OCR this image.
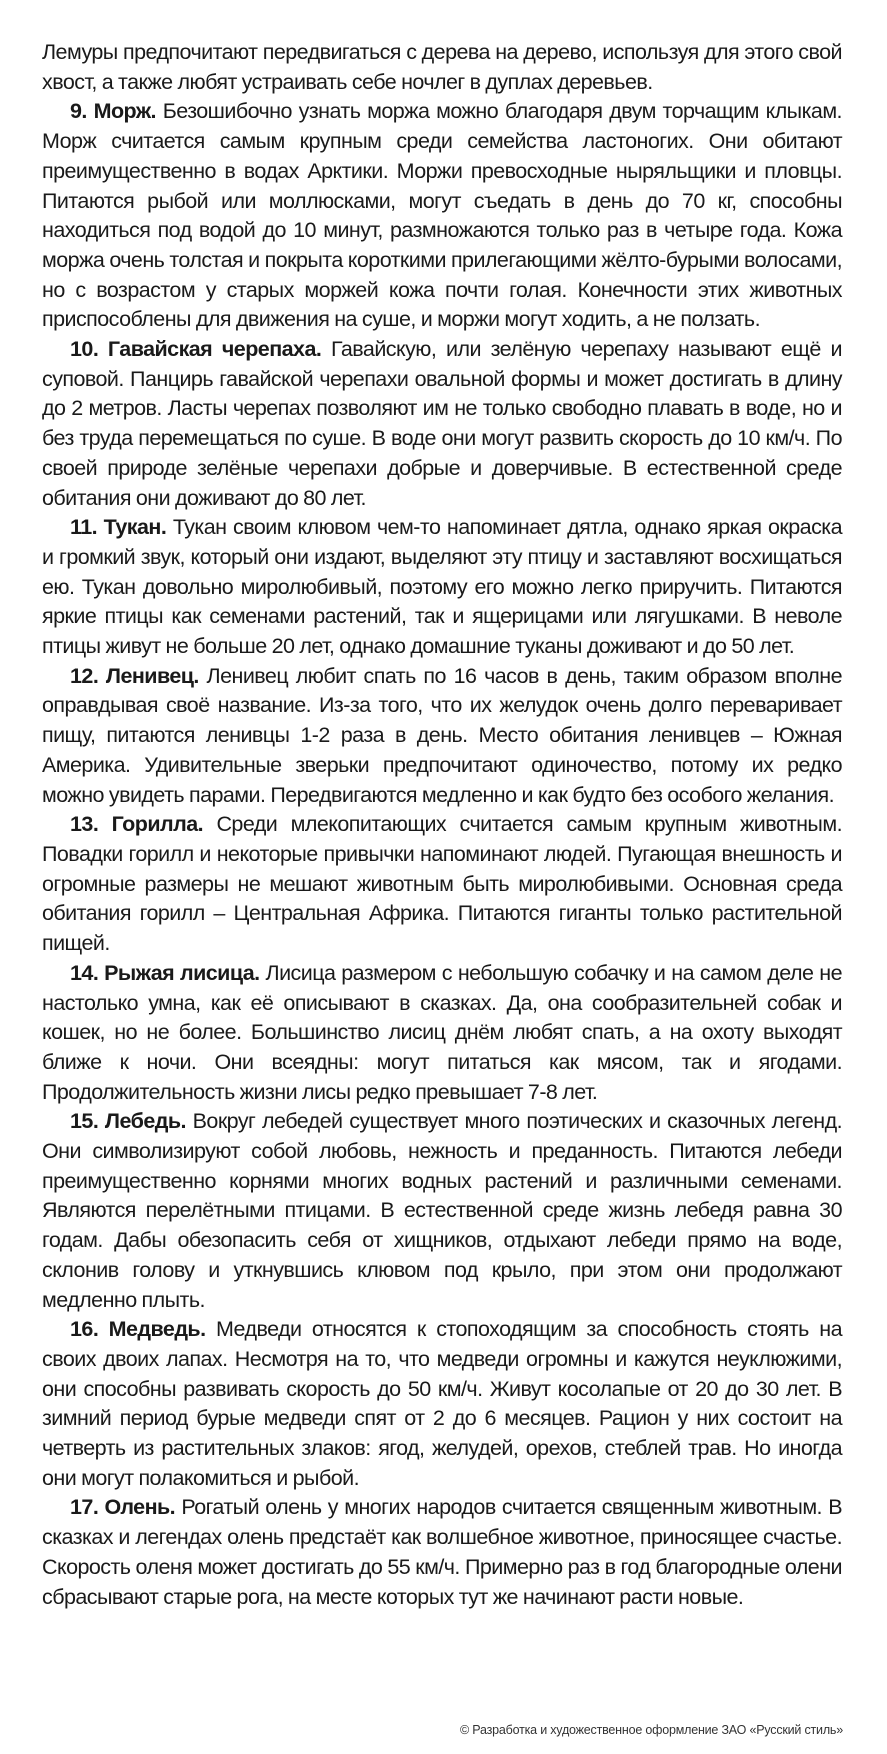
Лемуры предпочитают передвигаться с дерева на дерево, используя для этого свой хвост, а также любят устраивать себе ночлег в дуплах деревьев.

9. Морж. Безошибочно узнать моржа можно благодаря двум торчащим клыкам. Морж считается самым крупным среди семейства ластоногих. Они обитают преимущественно в водах Арктики. Моржи превосходные ныряльщики и пловцы. Питаются рыбой или моллюсками, могут съедать в день до 70 кг, способны находиться под водой до 10 минут, размножаются только раз в четыре года. Кожа моржа очень толстая и покрыта короткими прилегающими жёлто-бурыми волосами, но с возрастом у старых моржей кожа почти голая. Конечности этих животных приспособлены для движения на суше, и моржи могут ходить, а не ползать.

10. Гавайская черепаха. Гавайскую, или зелёную черепаху называют ещё и суповой. Панцирь гавайской черепахи овальной формы и может достигать в длину до 2 метров. Ласты черепах позволяют им не только свободно плавать в воде, но и без труда перемещаться по суше. В воде они могут развить скорость до 10 км/ч. По своей природе зелёные черепахи добрые и доверчивые. В естественной среде обитания они доживают до 80 лет.

11. Тукан. Тукан своим клювом чем-то напоминает дятла, однако яркая окраска и громкий звук, который они издают, выделяют эту птицу и заставляют восхищаться ею. Тукан довольно миролюбивый, поэтому его можно легко приручить. Питаются яркие птицы как семенами растений, так и ящерицами или лягушками. В неволе птицы живут не больше 20 лет, однако домашние туканы доживают и до 50 лет.

12. Ленивец. Ленивец любит спать по 16 часов в день, таким образом вполне оправдывая своё название. Из-за того, что их желудок очень долго переваривает пищу, питаются ленивцы 1-2 раза в день. Место обитания ленивцев – Южная Америка. Удивительные зверьки предпочитают одиночество, потому их редко можно увидеть парами. Передвигаются медленно и как будто без особого желания.

13. Горилла. Среди млекопитающих считается самым крупным животным. Повадки горилл и некоторые привычки напоминают людей. Пугающая внешность и огромные размеры не мешают животным быть миролюбивыми. Основная среда обитания горилл – Центральная Африка. Питаются гиганты только растительной пищей.

14. Рыжая лисица. Лисица размером с небольшую собачку и на самом деле не настолько умна, как её описывают в сказках. Да, она сообразительней собак и кошек, но не более. Большинство лисиц днём любят спать, а на охоту выходят ближе к ночи. Они всеядны: могут питаться как мясом, так и ягодами. Продолжительность жизни лисы редко превышает 7-8 лет.

15. Лебедь. Вокруг лебедей существует много поэтических и сказочных легенд. Они символизируют собой любовь, нежность и преданность. Питаются лебеди преимущественно корнями многих водных растений и различными семенами. Являются перелётными птицами. В естественной среде жизнь лебедя равна 30 годам. Дабы обезопасить себя от хищников, отдыхают лебеди прямо на воде, склонив голову и уткнувшись клювом под крыло, при этом они продолжают медленно плыть.

16. Медведь. Медведи относятся к стопоходящим за способность стоять на своих двоих лапах. Несмотря на то, что медведи огромны и кажутся неуклюжими, они способны развивать скорость до 50 км/ч. Живут косолапые от 20 до 30 лет. В зимний период бурые медведи спят от 2 до 6 месяцев. Рацион у них состоит на четверть из растительных злаков: ягод, желудей, орехов, стеблей трав. Но иногда они могут полакомиться и рыбой.

17. Олень. Рогатый олень у многих народов считается священным животным. В сказках и легендах олень предстаёт как волшебное животное, приносящее счастье. Скорость оленя может достигать до 55 км/ч. Примерно раз в год благородные олени сбрасывают старые рога, на месте которых тут же начинают расти новые.

© Разработка и художественное оформление ЗАО «Русский стиль»
